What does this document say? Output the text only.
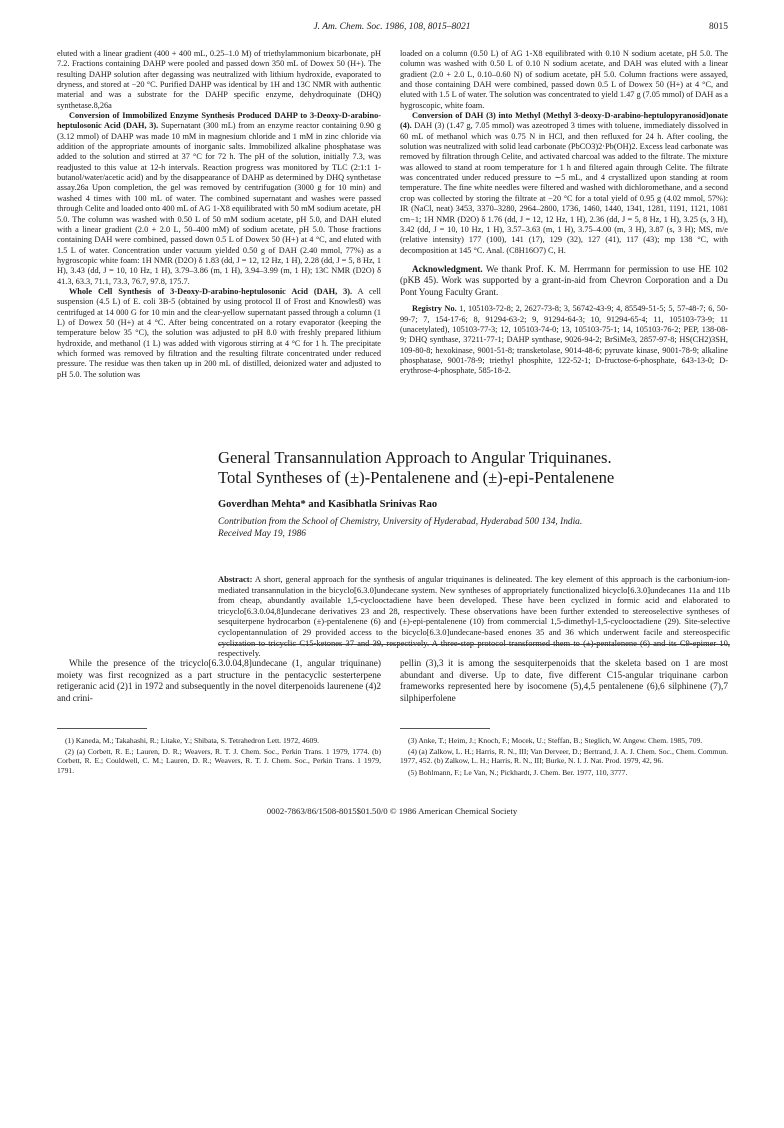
J. Am. Chem. Soc. 1986, 108, 8015–8021	8015

eluted with a linear gradient (400 + 400 mL, 0.25–1.0 M) of triethylammonium bicarbonate, pH 7.2. Fractions containing DAHP were pooled and passed down 350 mL of Dowex 50 (H+). The resulting DAHP solution after degassing was neutralized with lithium hydroxide, evaporated to dryness, and stored at −20 °C. Purified DAHP was identical by 1H and 13C NMR with authentic material and was a substrate for the DAHP specific enzyme, dehydroquinate (DHQ) synthetase.8,26a

Conversion of Immobilized Enzyme Synthesis Produced DAHP to 3-Deoxy-D-arabino-heptulosonic Acid (DAH, 3). Supernatant (300 mL) from an enzyme reactor containing 0.90 g (3.12 mmol) of DAHP was made 10 mM in magnesium chloride and 1 mM in zinc chloride via addition of the appropriate amounts of inorganic salts. Immobilized alkaline phosphatase was added to the solution and stirred at 37 °C for 72 h. The pH of the solution, initially 7.3, was readjusted to this value at 12-h intervals. Reaction progress was monitored by TLC (2:1:1 1-butanol/water/acetic acid) and by the disappearance of DAHP as determined by DHQ synthetase assay.26a Upon completion, the gel was removed by centrifugation (3000 g for 10 min) and washed 4 times with 100 mL of water. The combined supernatant and washes were passed through Celite and loaded onto 400 mL of AG 1-X8 equilibrated with 50 mM sodium acetate, pH 5.0. The column was washed with 0.50 L of 50 mM sodium acetate, pH 5.0, and DAH eluted with a linear gradient (2.0 + 2.0 L, 50–400 mM) of sodium acetate, pH 5.0. Those fractions containing DAH were combined, passed down 0.5 L of Dowex 50 (H+) at 4 °C, and eluted with 1.5 L of water. Concentration under vacuum yielded 0.50 g of DAH (2.40 mmol, 77%) as a hygroscopic white foam: 1H NMR (D2O) δ 1.83 (dd, J = 12, 12 Hz, 1 H), 2.28 (dd, J = 5, 8 Hz, 1 H), 3.43 (dd, J = 10, 10 Hz, 1 H), 3.79–3.86 (m, 1 H), 3.94–3.99 (m, 1 H); 13C NMR (D2O) δ 41.3, 63.3, 71.1, 73.3, 76.7, 97.8, 175.7.

Whole Cell Synthesis of 3-Deoxy-D-arabino-heptulosonic Acid (DAH, 3). A cell suspension (4.5 L) of E. coli 3B-5 (obtained by using protocol II of Frost and Knowles8) was centrifuged at 14 000 G for 10 min and the clear-yellow supernatant passed through a column (1 L) of Dowex 50 (H+) at 4 °C. After being concentrated on a rotary evaporator (keeping the temperature below 35 °C), the solution was adjusted to pH 8.0 with freshly prepared lithium hydroxide, and methanol (1 L) was added with vigorous stirring at 4 °C for 1 h. The precipitate which formed was removed by filtration and the resulting filtrate concentrated under reduced pressure. The residue was then taken up in 200 mL of distilled, deionized water and adjusted to pH 5.0. The solution was

loaded on a column (0.50 L) of AG 1-X8 equilibrated with 0.10 N sodium acetate, pH 5.0. The column was washed with 0.50 L of 0.10 N sodium acetate, and DAH was eluted with a linear gradient (2.0 + 2.0 L, 0.10–0.60 N) of sodium acetate, pH 5.0. Column fractions were assayed, and those containing DAH were combined, passed down 0.5 L of Dowex 50 (H+) at 4 °C, and eluted with 1.5 L of water. The solution was concentrated to yield 1.47 g (7.05 mmol) of DAH as a hygroscopic, white foam.

Conversion of DAH (3) into Methyl (Methyl 3-deoxy-D-arabino-heptulopyranosid)onate (4). DAH (3) (1.47 g, 7.05 mmol) was azeotroped 3 times with toluene, immediately dissolved in 60 mL of methanol which was 0.75 N in HCl, and then refluxed for 24 h. After cooling, the solution was neutralized with solid lead carbonate (PbCO3)2·Pb(OH)2. Excess lead carbonate was removed by filtration through Celite, and activated charcoal was added to the filtrate. The mixture was allowed to stand at room temperature for 1 h and filtered again through Celite. The filtrate was concentrated under reduced pressure to ∼5 mL, and 4 crystallized upon standing at room temperature. The fine white needles were filtered and washed with dichloromethane, and a second crop was collected by storing the filtrate at −20 °C for a total yield of 0.95 g (4.02 mmol, 57%): IR (NaCl, neat) 3453, 3370–3280, 2964–2800, 1736, 1460, 1440, 1341, 1281, 1191, 1121, 1081 cm−1; 1H NMR (D2O) δ 1.76 (dd, J = 12, 12 Hz, 1 H), 2.36 (dd, J = 5, 8 Hz, 1 H), 3.25 (s, 3 H), 3.42 (dd, J = 10, 10 Hz, 1 H), 3.57–3.63 (m, 1 H), 3.75–4.00 (m, 3 H), 3.87 (s, 3 H); MS, m/e (relative intensity) 177 (100), 141 (17), 129 (32), 127 (41), 117 (43); mp 138 °C, with decomposition at 145 °C. Anal. (C8H16O7) C, H.

Acknowledgment. We thank Prof. K. M. Herrmann for permission to use HE 102 (pKB 45). Work was supported by a grant-in-aid from Chevron Corporation and a Du Pont Young Faculty Grant.

Registry No. 1, 105103-72-8; 2, 2627-73-8; 3, 56742-43-9; 4, 85549-51-5; 5, 57-48-7; 6, 50-99-7; 7, 154-17-6; 8, 91294-63-2; 9, 91294-64-3; 10, 91294-65-4; 11, 105103-73-9; 11 (unacetylated), 105103-77-3; 12, 105103-74-0; 13, 105103-75-1; 14, 105103-76-2; PEP, 138-08-9; DHQ synthase, 37211-77-1; DAHP synthase, 9026-94-2; BrSiMe3, 2857-97-8; HS(CH2)3SH, 109-80-8; hexokinase, 9001-51-8; transketolase, 9014-48-6; pyruvate kinase, 9001-78-9; alkaline phosphatase, 9001-78-9; triethyl phosphite, 122-52-1; D-fructose-6-phosphate, 643-13-0; D-erythrose-4-phosphate, 585-18-2.

General Transannulation Approach to Angular Triquinanes.
Total Syntheses of (±)-Pentalenene and (±)-epi-Pentalenene
Goverdhan Mehta* and Kasibhatla Srinivas Rao
Contribution from the School of Chemistry, University of Hyderabad, Hyderabad 500 134, India.
Received May 19, 1986
Abstract: A short, general approach for the synthesis of angular triquinanes is delineated. The key element of this approach is the carbonium-ion-mediated transannulation in the bicyclo[6.3.0]undecane system. New syntheses of appropriately functionalized bicyclo[6.3.0]undecanes 11a and 11b from cheap, abundantly available 1,5-cyclooctadiene have been developed. These have been cyclized in formic acid and elaborated to tricyclo[6.3.0.04,8]undecane derivatives 23 and 28, respectively. These observations have been further extended to stereoselective syntheses of sesquiterpene hydrocarbon (±)-pentalenene (6) and (±)-epi-pentalenene (10) from commercial 1,5-dimethyl-1,5-cyclooctadiene (29). Site-selective cyclopentannulation of 29 provided access to the bicyclo[6.3.0]undecane-based enones 35 and 36 which underwent facile and stereospecific cyclization to tricyclic C15-ketones 37 and 39, respectively. A three-step protocol transformed them to (±)-pentalenene (6) and its C9-epimer 10, respectively.

While the presence of the tricyclo[6.3.0.04,8]undecane (1, angular triquinane) moiety was first recognized as a part structure in the pentacyclic sesterterpene retigeranic acid (2)1 in 1972 and subsequently in the novel diterpenoids laurenene (4)2 and crini-

pellin (3),3 it is among the sesquiterpenoids that the skeleta based on 1 are most abundant and diverse. Up to date, five different C15-angular triquinane carbon frameworks represented here by isocomene (5),4,5 pentalenene (6),6 silphinene (7),7 silphiperfolene

(1) Kaneda, M.; Takahashi, R.; Litake, Y.; Shibata, S. Tetrahedron Lett. 1972, 4609.

(2) (a) Corbett, R. E.; Lauren, D. R.; Weavers, R. T. J. Chem. Soc., Perkin Trans. 1 1979, 1774. (b) Corbett, R. E.; Couldwell, C. M.; Lauren, D. R.; Weavers, R. T. J. Chem. Soc., Perkin Trans. 1 1979, 1791.

(3) Anke, T.; Heim, J.; Knoch, F.; Mocek, U.; Steffan, B.; Steglich, W. Angew. Chem. 1985, 709.

(4) (a) Zalkow, L. H.; Harris, R. N., III; Van Derveer, D.; Bertrand, J. A. J. Chem. Soc., Chem. Commun. 1977, 452. (b) Zalkow, L. H.; Harris, R. N., III; Burke, N. I. J. Nat. Prod. 1979, 42, 96.

(5) Bohlmann, F.; Le Van, N.; Pickhardt, J. Chem. Ber. 1977, 110, 3777.

0002-7863/86/1508-8015$01.50/0 © 1986 American Chemical Society
